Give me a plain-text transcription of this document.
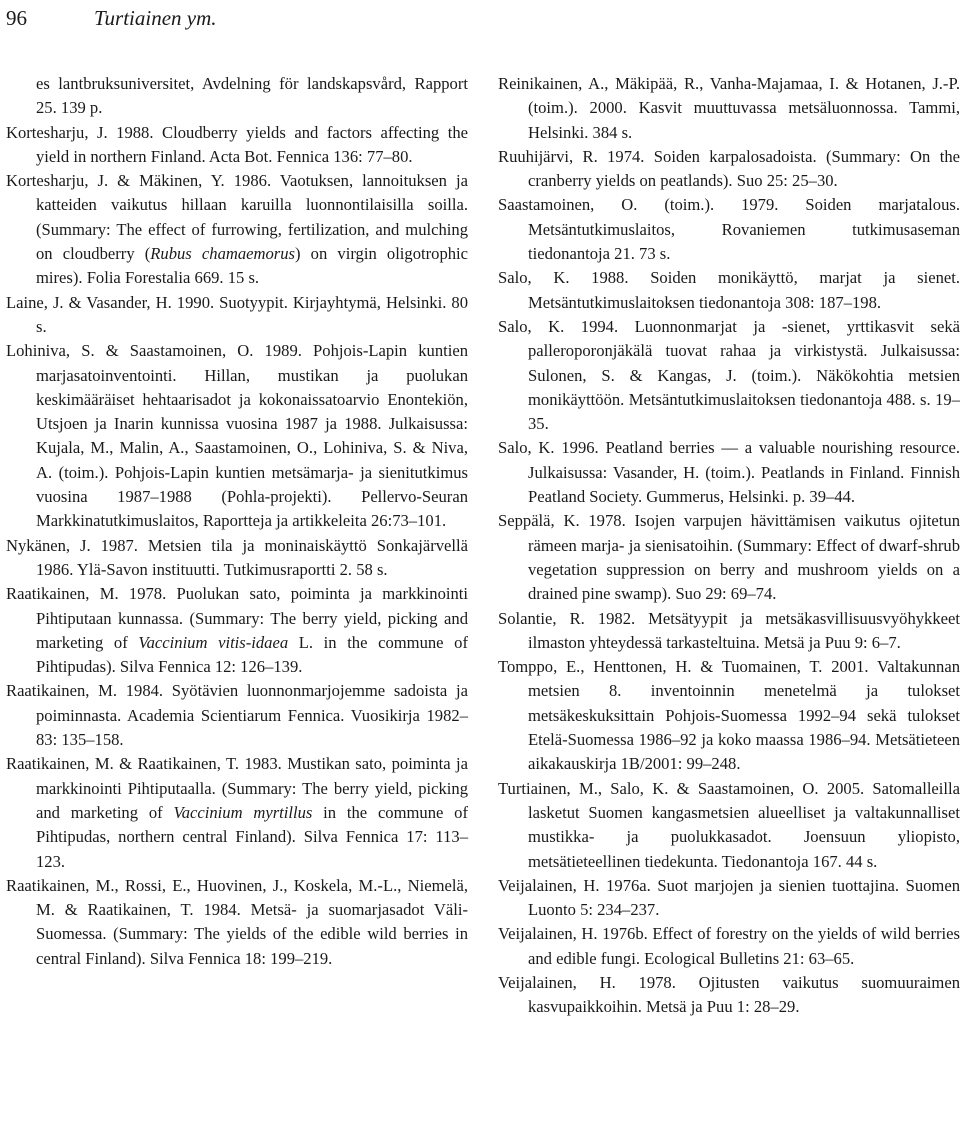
96	Turtiainen ym.

es lantbruksuniversitet, Avdelning för landskapsvård, Rapport 25. 139 p.

Kortesharju, J. 1988. Cloudberry yields and factors affecting the yield in northern Finland. Acta Bot. Fennica 136: 77–80.

Kortesharju, J. & Mäkinen, Y. 1986. Vaotuksen, lannoituksen ja katteiden vaikutus hillaan karuilla luonnontilaisilla soilla. (Summary: The effect of furrowing, fertilization, and mulching on cloudberry (Rubus chamaemorus) on virgin oligotrophic mires). Folia Forestalia 669. 15 s.

Laine, J. & Vasander, H. 1990. Suotyypit. Kirjayhtymä, Helsinki. 80 s.

Lohiniva, S. & Saastamoinen, O. 1989. Pohjois-Lapin kuntien marjasatoinventointi. Hillan, mustikan ja puolukan keskimääräiset hehtaarisadot ja kokonaissatoarvio Enontekiön, Utsjoen ja Inarin kunnissa vuosina 1987 ja 1988. Julkaisussa: Kujala, M., Malin, A., Saastamoinen, O., Lohiniva, S. & Niva, A. (toim.). Pohjois-Lapin kuntien metsämarja- ja sienitutkimus vuosina 1987–1988 (Pohla-projekti). Pellervo-Seuran Markkinatutkimuslaitos, Raportteja ja artikkeleita 26:73–101.

Nykänen, J. 1987. Metsien tila ja moninaiskäyttö Sonkajärvellä 1986. Ylä-Savon instituutti. Tutkimusraportti 2. 58 s.

Raatikainen, M. 1978. Puolukan sato, poiminta ja markkinointi Pihtiputaan kunnassa. (Summary: The berry yield, picking and marketing of Vaccinium vitis-idaea L. in the commune of Pihtipudas). Silva Fennica 12: 126–139.

Raatikainen, M. 1984. Syötävien luonnonmarjojemme sadoista ja poiminnasta. Academia Scientiarum Fennica. Vuosikirja 1982–83: 135–158.

Raatikainen, M. & Raatikainen, T. 1983. Mustikan sato, poiminta ja markkinointi Pihtiputaalla. (Summary: The berry yield, picking and marketing of Vaccinium myrtillus in the commune of Pihtipudas, northern central Finland). Silva Fennica 17: 113–123.

Raatikainen, M., Rossi, E., Huovinen, J., Koskela, M.-L., Niemelä, M. & Raatikainen, T. 1984. Metsä- ja suomarjasadot Väli-Suomessa. (Summary: The yields of the edible wild berries in central Finland). Silva Fennica 18: 199–219.

Reinikainen, A., Mäkipää, R., Vanha-Majamaa, I. & Hotanen, J.-P. (toim.). 2000. Kasvit muuttuvassa metsäluonnossa. Tammi, Helsinki. 384 s.

Ruuhijärvi, R. 1974. Soiden karpalosadoista. (Summary: On the cranberry yields on peatlands). Suo 25: 25–30.

Saastamoinen, O. (toim.). 1979. Soiden marjatalous. Metsäntutkimuslaitos, Rovaniemen tutkimusaseman tiedonantoja 21. 73 s.

Salo, K. 1988. Soiden monikäyttö, marjat ja sienet. Metsäntutkimuslaitoksen tiedonantoja 308: 187–198.

Salo, K. 1994. Luonnonmarjat ja -sienet, yrttikasvit sekä palleroporonjäkälä tuovat rahaa ja virkistystä. Julkaisussa: Sulonen, S. & Kangas, J. (toim.). Näkökohtia metsien monikäyttöön. Metsäntutkimuslaitoksen tiedonantoja 488. s. 19–35.

Salo, K. 1996. Peatland berries — a valuable nourishing resource. Julkaisussa: Vasander, H. (toim.). Peatlands in Finland. Finnish Peatland Society. Gummerus, Helsinki. p. 39–44.

Seppälä, K. 1978. Isojen varpujen hävittämisen vaikutus ojitetun rämeen marja- ja sienisatoihin. (Summary: Effect of dwarf-shrub vegetation suppression on berry and mushroom yields on a drained pine swamp). Suo 29: 69–74.

Solantie, R. 1982. Metsätyypit ja metsäkasvillisuusvyöhykkeet ilmaston yhteydessä tarkasteltuina. Metsä ja Puu 9: 6–7.

Tomppo, E., Henttonen, H. & Tuomainen, T. 2001. Valtakunnan metsien 8. inventoinnin menetelmä ja tulokset metsäkeskuksittain Pohjois-Suomessa 1992–94 sekä tulokset Etelä-Suomessa 1986–92 ja koko maassa 1986–94. Metsätieteen aikakauskirja 1B/2001: 99–248.

Turtiainen, M., Salo, K. & Saastamoinen, O. 2005. Satomalleilla lasketut Suomen kangasmetsien alueelliset ja valtakunnalliset mustikka- ja puolukkasadot. Joensuun yliopisto, metsätieteellinen tiedekunta. Tiedonantoja 167. 44 s.

Veijalainen, H. 1976a. Suot marjojen ja sienien tuottajina. Suomen Luonto 5: 234–237.

Veijalainen, H. 1976b. Effect of forestry on the yields of wild berries and edible fungi. Ecological Bulletins 21: 63–65.

Veijalainen, H. 1978. Ojitusten vaikutus suomuuraimen kasvupaikkoihin. Metsä ja Puu 1: 28–29.
